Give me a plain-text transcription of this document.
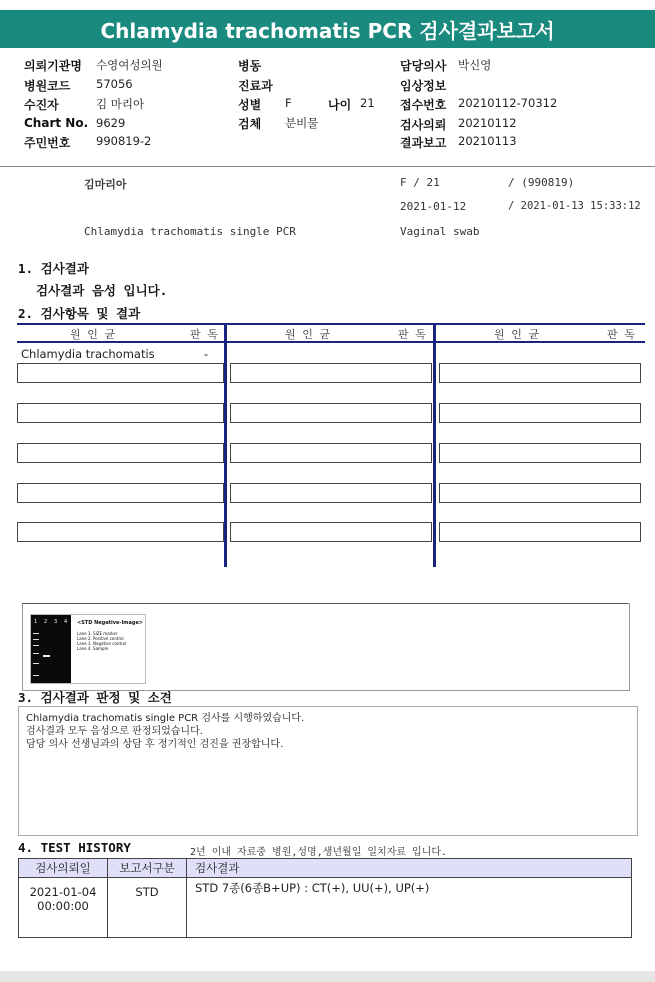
Chlamydia trachomatis PCR 검사결과보고서
의뢰기관명 수영여성의원
병원코드 57056
수진자	김 마리아
Chart No. 9629
주민번호 990819-2
병동
진료과
성별 F	나이 21
검체 분비물
담당의사 박신영
임상정보
접수번호 20210112-70312
검사의뢰 20210112
결과보고 20210113
김마리아	F / 21	/ (990819)
2021-01-12	/ 2021-01-13 15:33:12
Chlamydia trachomatis single PCR	Vaginal swab
1. 검사결과
검사결과 음성 입니다.
2. 검사항목 및 결과
원 인 균	판 독	원 인 균	판 독	원 인 균	판 독
Chlamydia trachomatis	-
1 2 3 4 <STD Negative-Image>
Lane 1. SIZE marker
Lane 2. Positive control
Lane 3. Negative control
Lane 4. Sample
3. 검사결과 판정 및 소견
Chlamydia trachomatis single PCR 검사를 시행하였습니다.
검사결과 모두 음성으로 판정되었습니다.
담당 의사 선생님과의 상담 후 정기적인 검진을 권장합니다.
4. TEST HISTORY	2년 이내 자료중 병원,성명,생년월일 일치자료 입니다.
검사의뢰일	보고서구분	검사결과

2021-01-04
00:00:00	STD	STD 7종(6종B+UP) : CT(+), UU(+), UP(+)
